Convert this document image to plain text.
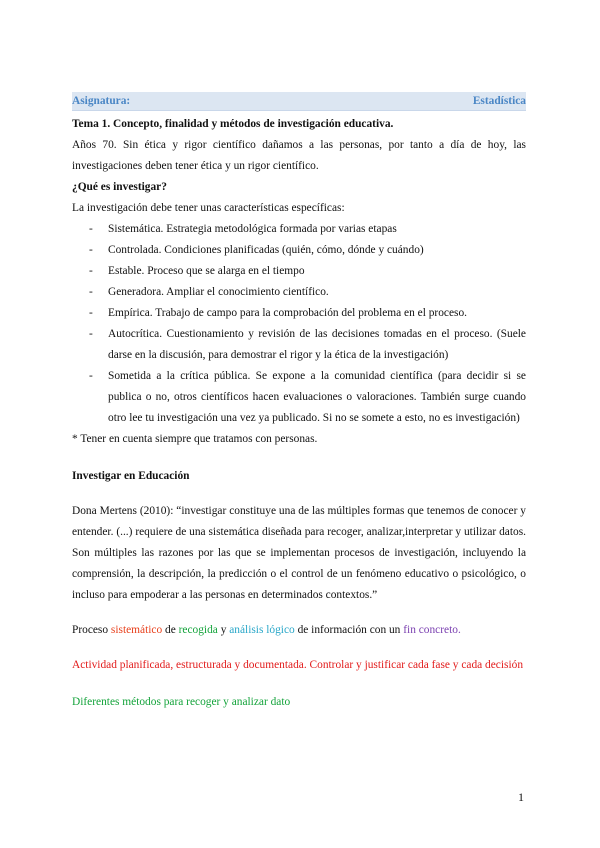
Asignatura:	Estadística

Tema 1. Concepto, finalidad y métodos de investigación educativa.

Años 70. Sin ética y rigor científico dañamos a las personas, por tanto a día de hoy, las investigaciones deben tener ética y un rigor científico.

¿Qué es investigar?

La investigación debe tener unas características específicas:

- Sistemática. Estrategia metodológica formada por varias etapas
- Controlada. Condiciones planificadas (quién, cómo, dónde y cuándo)
- Estable. Proceso que se alarga en el tiempo
- Generadora. Ampliar el conocimiento científico.
- Empírica. Trabajo de campo para la comprobación del problema en el proceso.
- Autocrítica. Cuestionamiento y revisión de las decisiones tomadas en el proceso. (Suele darse en la discusión, para demostrar el rigor y la ética de la investigación)
- Sometida a la crítica pública. Se expone a la comunidad científica (para decidir si se publica o no, otros científicos hacen evaluaciones o valoraciones. También surge cuando otro lee tu investigación una vez ya publicado. Si no se somete a esto, no es investigación)

* Tener en cuenta siempre que tratamos con personas.

Investigar en Educación

Dona Mertens (2010): “investigar constituye una de las múltiples formas que tenemos de conocer y entender. (...) requiere de una sistemática diseñada para recoger, analizar,interpretar y utilizar datos. Son múltiples las razones por las que se implementan procesos de investigación, incluyendo la comprensión, la descripción, la predicción o el control de un fenómeno educativo o psicológico, o incluso para empoderar a las personas en determinados contextos.”

Proceso sistemático de recogida y análisis lógico de información con un fin concreto.

Actividad planificada, estructurada y documentada. Controlar y justificar cada fase y cada decisión

Diferentes métodos para recoger y analizar dato

1
